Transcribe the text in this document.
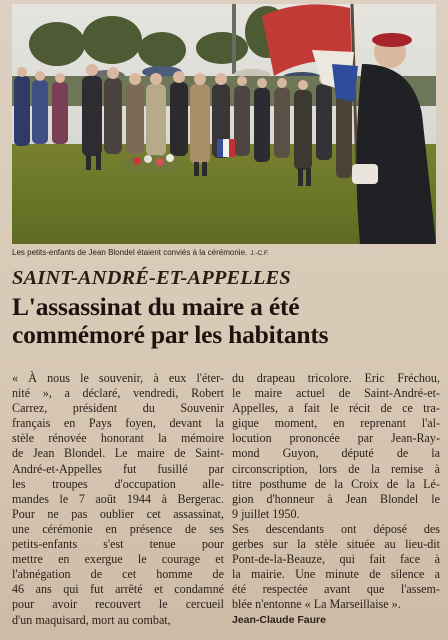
Les petits-enfants de Jean Blondel étaient conviés à la cérémonie. J.-C.F.
SAINT-ANDRÉ-ET-APPELLES
L'assassinat du maire a été
commémoré par les habitants
« À nous le souvenir, à eux l'éter-
nité », a déclaré, vendredi, Robert
Carrez, président du Souvenir
français en Pays foyen, devant la
stèle rénovée honorant la mémoire
de Jean Blondel. Le maire de Saint-
André-et-Appelles fut fusillé par
les troupes d'occupation alle-
mandes le 7 août 1944 à Bergerac.
Pour ne pas oublier cet assassinat,
une cérémonie en présence de ses
petits-enfants s'est tenue pour
mettre en exergue le courage et
l'abnégation de cet homme de
46 ans qui fut arrêté et condamné
pour avoir recouvert le cercueil
d'un maquisard, mort au combat,
du drapeau tricolore. Eric Fréchou,
le maire actuel de Saint-André-et-
Appelles, a fait le récit de ce tra-
gique moment, en reprenant l'al-
locution prononcée par Jean-Ray-
mond Guyon, député de la
circonscription, lors de la remise à
titre posthume de la Croix de la Lé-
gion d'honneur à Jean Blondel le
9 juillet 1950.
Ses descendants ont déposé des
gerbes sur la stèle située au lieu-dit
Pont-de-la-Beauze, qui fait face à
la mairie. Une minute de silence a
été respectée avant que l'assem-
blée n'entonne « La Marseillaise ».
Jean-Claude Faure
